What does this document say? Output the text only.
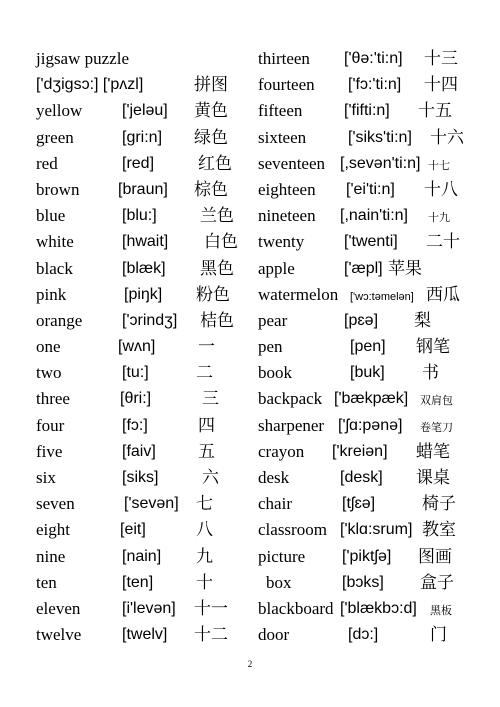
jigsaw puzzle
['dʒiɡsɔ:] ['pʌzl]	拼图
yellow ['jeləu] 黄色
green	[ɡri:n] 绿色
red	[red]	红色
brown [braun] 棕色
blue	[blu:]	兰色
white	[hwait] 白色
black	[blæk] 黑色
pink	[piŋk] 粉色
orange ['ɔrindʒ] 桔色
one	[wʌn]	一
two	[tu:]	二
three	[θri:]	三
four	[fɔ:]	四
five	[faiv] 五
six	[siks]	六
seven	['sevən] 七
eight	[eit]	八
nine	[nain] 九
ten	[ten]	十
eleven	[i'levən] 十一
twelve	[twelv] 十二
thirteen ['θə:'ti:n] 十三
fourteen ['fɔ:'ti:n] 十四
fifteen	['fifti:n] 十五
sixteen	['siks'ti:n] 十六
seventeen [,sevən'ti:n] 十七
eighteen ['ei'ti:n] 十八
nineteen [,nain'ti:n] 十九
twenty ['twenti] 二十
apple	['æpl] 苹果
watermelon ['wɔ:təmelən] 西瓜
pear	[pɛə] 梨
pen	[pen] 钢笔
book	[buk] 书
backpack ['bækpæk] 双肩包
sharpener ['ʃɑ:pənə] 卷笔刀
crayon ['kreiən] 蜡笔
desk	[desk] 课桌
chair	[tʃɛə]	椅子
classroom ['klɑ:srum] 教室
picture ['piktʃə] 图画
box	[bɔks] 盒子
blackboard ['blækbɔ:d] 黑板
door	[dɔ:]	门
2
